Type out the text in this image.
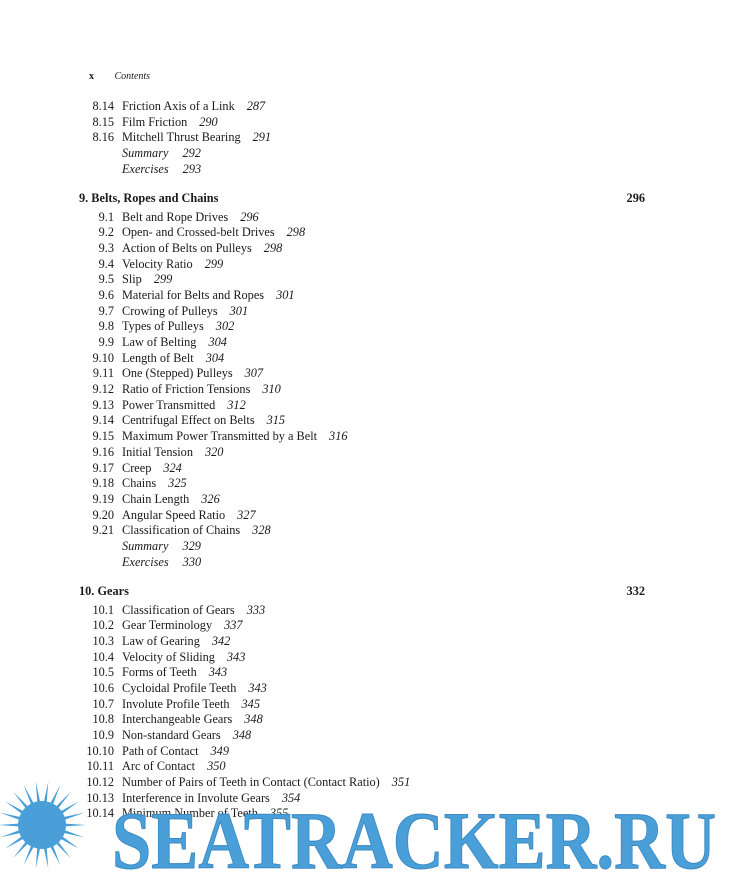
x Contents
8.14 Friction Axis of a Link 287
8.15 Film Friction 290
8.16 Mitchell Thrust Bearing 291
Summary 292
Exercises 293
9. Belts, Ropes and Chains	296
9.1 Belt and Rope Drives 296
9.2 Open- and Crossed-belt Drives 298
9.3 Action of Belts on Pulleys 298
9.4 Velocity Ratio 299
9.5 Slip 299
9.6 Material for Belts and Ropes 301
9.7 Crowing of Pulleys 301
9.8 Types of Pulleys 302
9.9 Law of Belting 304
9.10 Length of Belt 304
9.11 One (Stepped) Pulleys 307
9.12 Ratio of Friction Tensions 310
9.13 Power Transmitted 312
9.14 Centrifugal Effect on Belts 315
9.15 Maximum Power Transmitted by a Belt 316
9.16 Initial Tension 320
9.17 Creep 324
9.18 Chains 325
9.19 Chain Length 326
9.20 Angular Speed Ratio 327
9.21 Classification of Chains 328
Summary 329
Exercises 330
10. Gears	332
10.1 Classification of Gears 333
10.2 Gear Terminology 337
10.3 Law of Gearing 342
10.4 Velocity of Sliding 343
10.5 Forms of Teeth 343
10.6 Cycloidal Profile Teeth 343
10.7 Involute Profile Teeth 345
10.8 Interchangeable Gears 348
10.9 Non-standard Gears 348
10.10 Path of Contact 349
10.11 Arc of Contact 350
10.12 Number of Pairs of Teeth in Contact (Contact Ratio) 351
10.13 Interference in Involute Gears 354
10.14 Minimum Number of Teeth 355
SEATRACKER.RU
